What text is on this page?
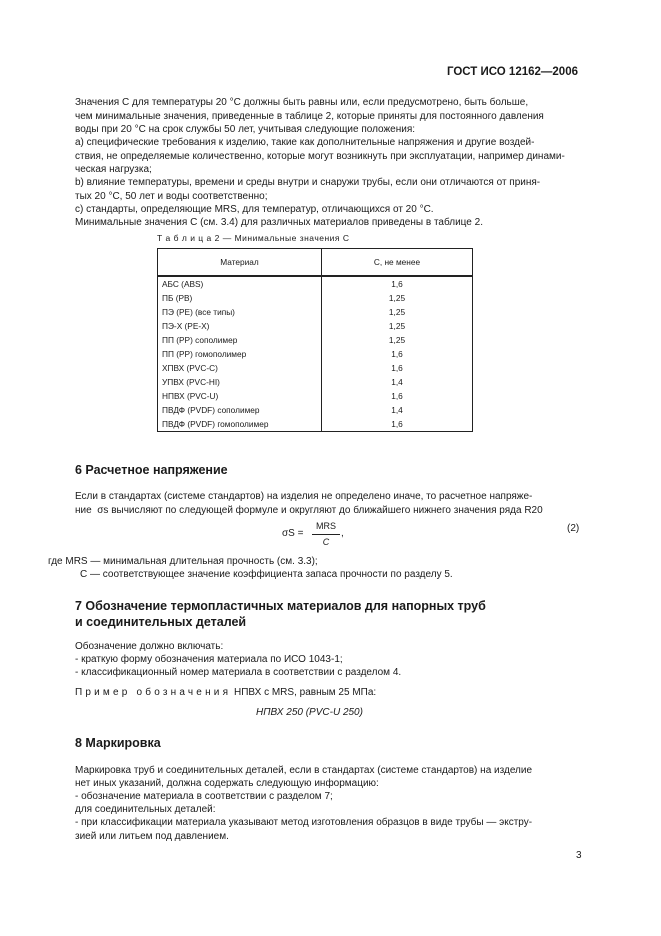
ГОСТ ИСО 12162—2006
Значения С для температуры 20 °С должны быть равны или, если предусмотрено, быть больше,
чем минимальные значения, приведенные в таблице 2, которые приняты для постоянного давления
воды при 20 °С на срок службы 50 лет, учитывая следующие положения:
а) специфические требования к изделию, такие как дополнительные напряжения и другие воздей-
ствия, не определяемые количественно, которые могут возникнуть при эксплуатации, например динами-
ческая нагрузка;
b) влияние температуры, времени и среды внутри и снаружи трубы, если они отличаются от приня-
тых 20 °С, 50 лет и воды соответственно;
с) стандарты, определяющие MRS, для температур, отличающихся от 20 °С.
Минимальные значения С (см. 3.4) для различных материалов приведены в таблице 2.
Т а б л и ц а 2 — Минимальные значения С
Материал	С, не менее
АБС (ABS)	1,6
ПБ (PB)	1,25
ПЭ (PE) (все типы)	1,25
ПЭ-Х (PE-X)	1,25
ПП (PP) сополимер	1,25
ПП (PP) гомополимер	1,6
ХПВХ (PVC-C)	1,6
УПВХ (PVC-HI)	1,4
НПВХ (PVC-U)	1,6
ПВДФ (PVDF) сополимер	1,4
ПВДФ (PVDF) гомополимер	1,6
6 Расчетное напряжение
Если в стандартах (системе стандартов) на изделия не определено иначе, то расчетное напряже-
ние σs вычисляют по следующей формуле и округляют до ближайшего нижнего значения ряда R20
σS =
MRS
C
,	(2)
где MRS — минимальная длительная прочность (см. 3.3);
С — соответствующее значение коэффициента запаса прочности по разделу 5.
7 Обозначение термопластичных материалов для напорных труб
и соединительных деталей
Обозначение должно включать:
- краткую форму обозначения материала по ИСО 1043-1;
- классификационный номер материала в соответствии с разделом 4.
Пример обозначения НПВХ с MRS, равным 25 МПа:
НПВХ 250 (PVC-U 250)
8 Маркировка
Маркировка труб и соединительных деталей, если в стандартах (системе стандартов) на изделие
нет иных указаний, должна содержать следующую информацию:
- обозначение материала в соответствии с разделом 7;
для соединительных деталей:
- при классификации материала указывают метод изготовления образцов в виде трубы — экстру-
зией или литьем под давлением.
3
